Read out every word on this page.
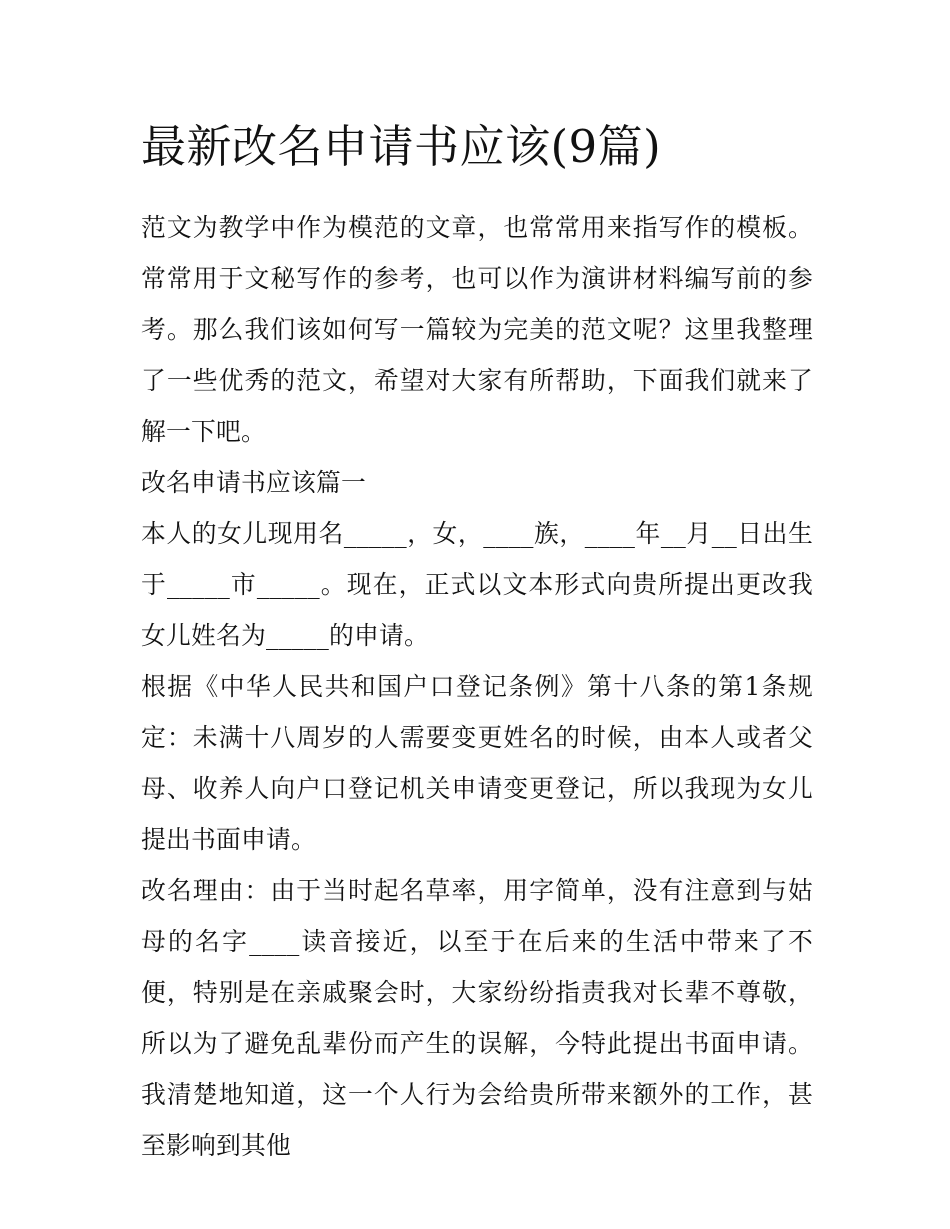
最新改名申请书应该(9篇)

范文为教学中作为模范的文章，也常常用来指写作的模板。常常用于文秘写作的参考，也可以作为演讲材料编写前的参考。那么我们该如何写一篇较为完美的范文呢？这里我整理了一些优秀的范文，希望对大家有所帮助，下面我们就来了解一下吧。

改名申请书应该篇一

本人的女儿现用名_____，女，____族，____年__月__日出生于_____市_____。现在，正式以文本形式向贵所提出更改我女儿姓名为_____的申请。

根据《中华人民共和国户口登记条例》第十八条的第1条规定：未满十八周岁的人需要变更姓名的时候，由本人或者父母、收养人向户口登记机关申请变更登记，所以我现为女儿提出书面申请。

改名理由：由于当时起名草率，用字简单，没有注意到与姑母的名字____读音接近，以至于在后来的生活中带来了不便，特别是在亲戚聚会时，大家纷纷指责我对长辈不尊敬，所以为了避免乱辈份而产生的误解，今特此提出书面申请。我清楚地知道，这一个人行为会给贵所带来额外的工作，甚至影响到其他
